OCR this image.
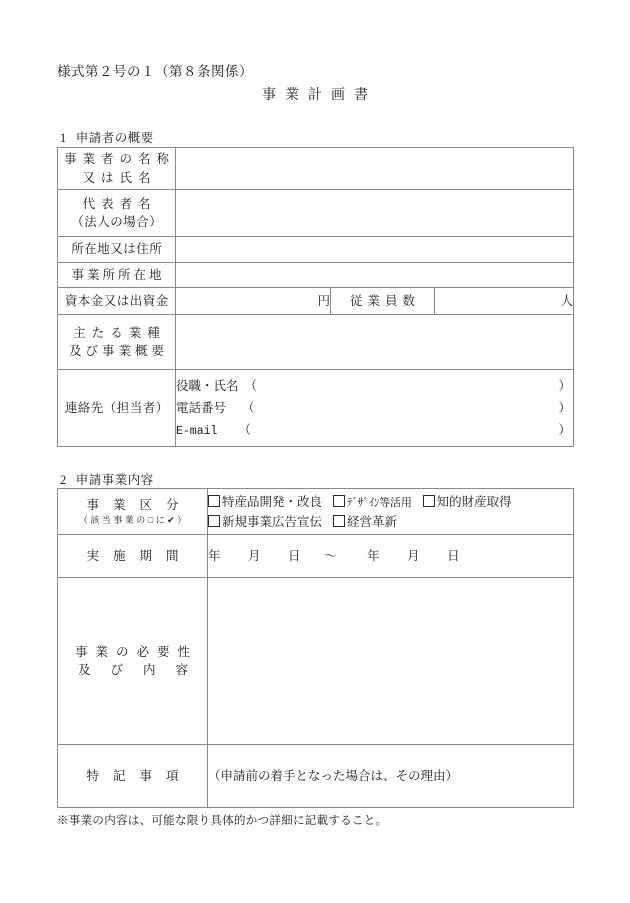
様式第２号の１（第８条関係）
事業計画書
1 申請者の概要
事業者の名称
又は氏名			

代表者名
（法人の場合）			

所在地又は住所			

事業所所在地			

資本金又は出資金	円	従業員数	人

主たる業種
及び事業概要			

連絡先（担当者）

役職・氏名 （	）
電話番号 （	）
E-mail （	）
2 申請事業内容
事業区分
（該当事業の□に✔）	特産品開発・改良 ﾃﾞｻﾞｲﾝ等活用 知的財産取得
新規事業広告宣伝 経営革新

実施期間	年 月 日 ～ 年 月 日

事業の必要性
及び内容	

特記事項	（申請前の着手となった場合は、その理由）
※事業の内容は、可能な限り具体的かつ詳細に記載すること。
